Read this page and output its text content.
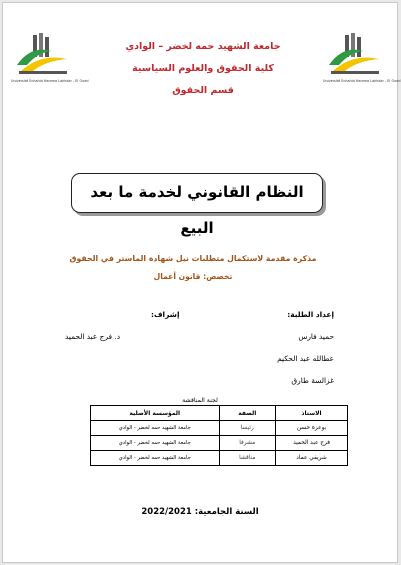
Université Echahid Hamma Lakhdar - El Oued	Université Echahid Hamma Lakhdar - El Oued
جامعة الشهيد حمه لخضر – الوادي
كلية الحقوق والعلوم السياسية
قسم الحقوق
النظام القانوني لخدمة ما بعد البيع
مذكرة مقدمة لاستكمال متطلبات نيل شهادة الماستر في الحقوق
تخصص: قانون أعمال
إعداد الطلبة:
حميد فارس
عطالله عبد الحكيم
غزالسة طارق
إشراف:
د. فرج عبد الحميد
لجنة المناقشة
الاستاذ	الصفة	المؤسسة الأصلية
بوعزة حسن	رئيسا	جامعة الشهيد حمه لخضر - الوادي
فرج عبد الحميد	مشرفا	جامعة الشهيد حمه لخضر - الوادي
شريفي عماد	مناقشا	جامعة الشهيد حمه لخضر - الوادي
السنة الجامعية: 2022/2021
